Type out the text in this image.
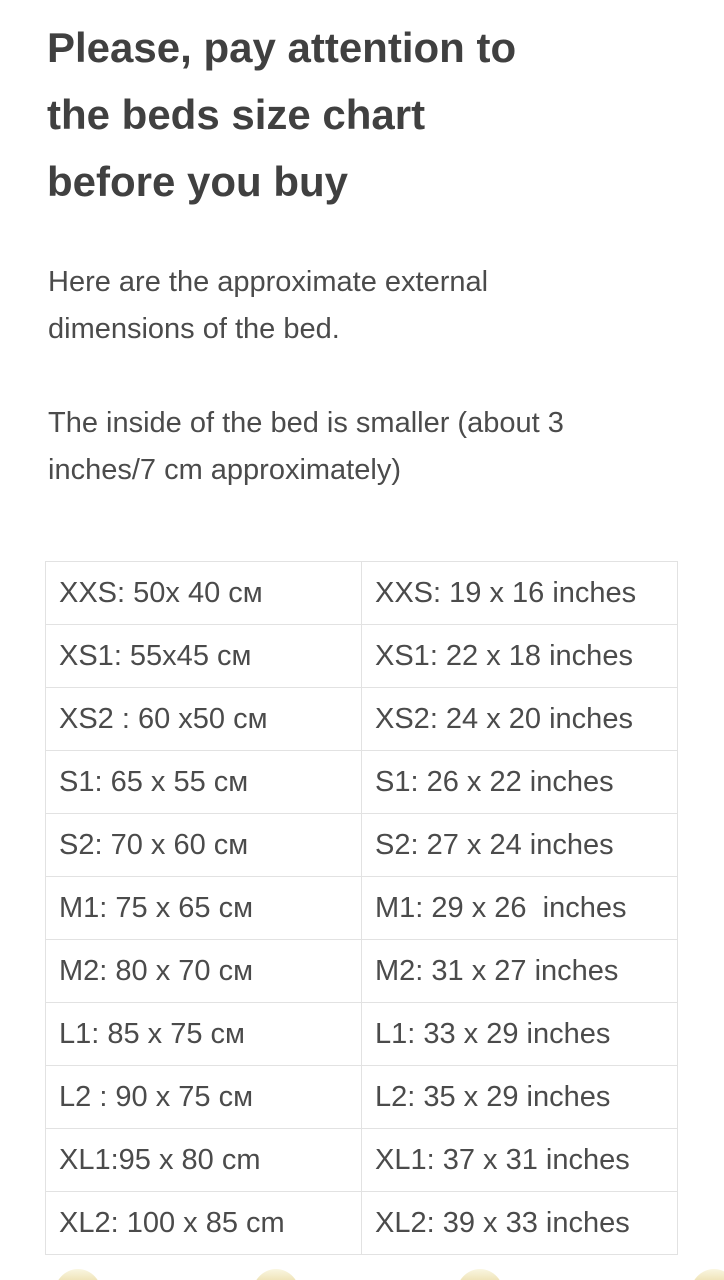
Please, pay attention to
the beds size chart
before you buy

Here are the approximate external
dimensions of the bed.

The inside of the bed is smaller (about 3
inches/7 cm approximately)

XXS: 50x 40 см	XXS: 19 x 16 inches
XS1: 55x45 см	XS1: 22 x 18 inches
XS2 : 60 x50 см	XS2: 24 x 20 inches
S1: 65 x 55 см	S1: 26 x 22 inches
S2: 70 x 60 см	S2: 27 x 24 inches
M1: 75 x 65 см	M1: 29 x 26  inches
M2: 80 x 70 см	M2: 31 x 27 inches
L1: 85 x 75 см	L1: 33 x 29 inches
L2 : 90 x 75 см	L2: 35 x 29 inches
XL1:95 x 80 cm	XL1: 37 x 31 inches
XL2: 100 x 85 cm	XL2: 39 x 33 inches
